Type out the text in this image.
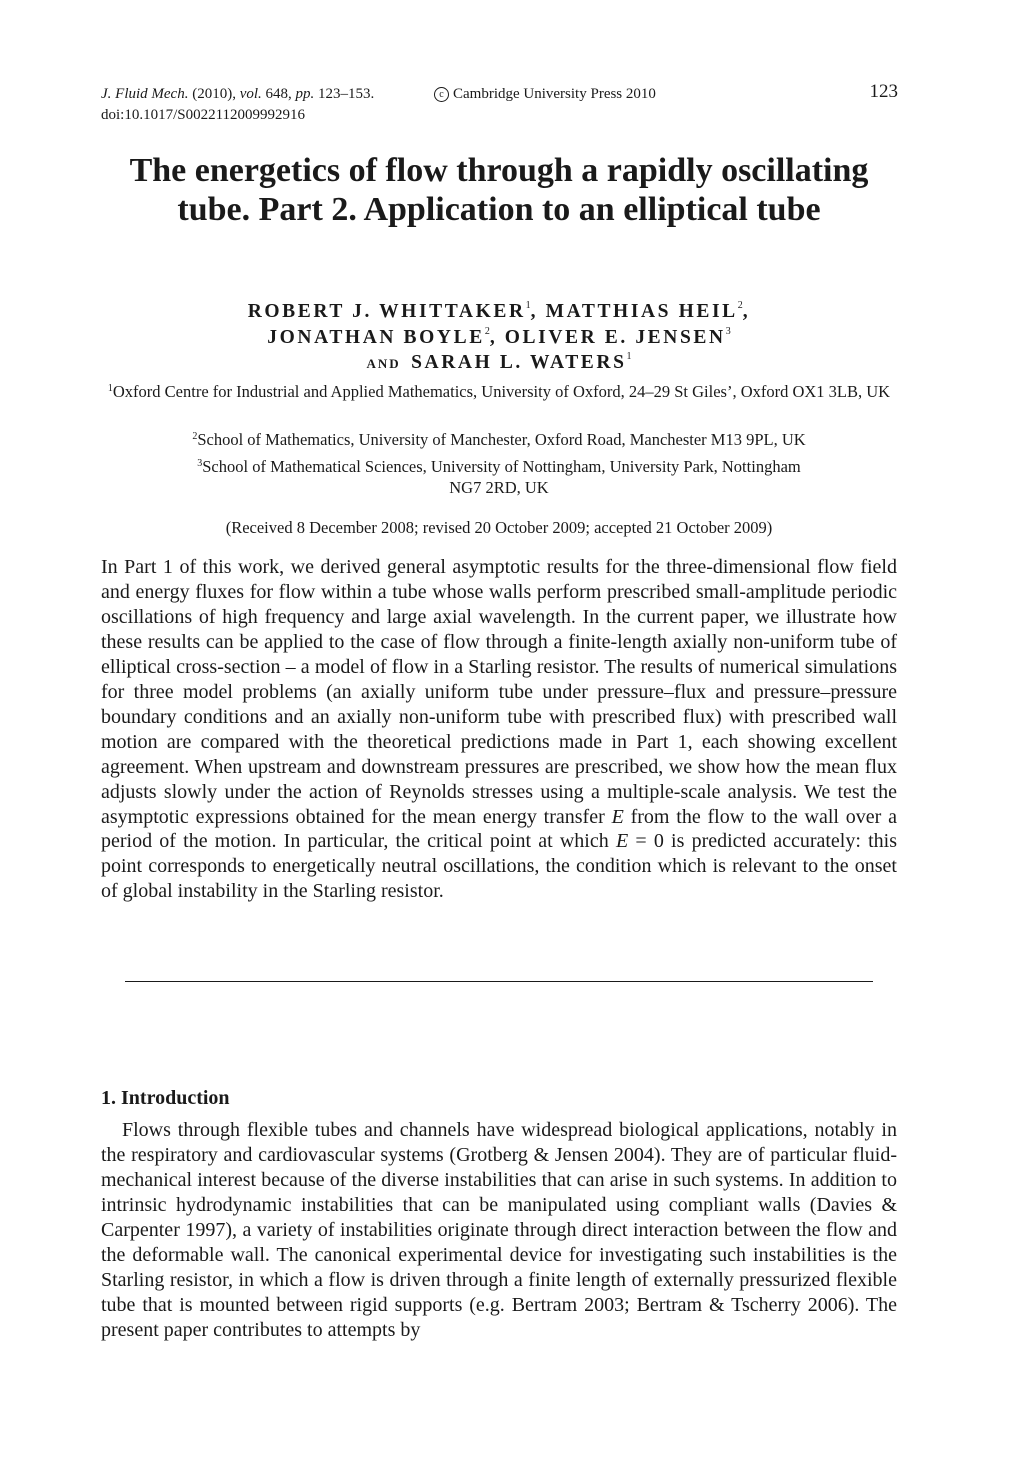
J. Fluid Mech. (2010), vol. 648, pp. 123–153.	c Cambridge University Press 2010
doi:10.1017/S0022112009992916
123
The energetics of flow through a rapidly oscillating tube. Part 2. Application to an elliptical tube
ROBERT J. WHITTAKER$^1$, MATTHIAS HEIL$^2$,
JONATHAN BOYLE$^2$, OLIVER E. JENSEN$^3$
AND SARAH L. WATERS$^1$
$^1$Oxford Centre for Industrial and Applied Mathematics, University of Oxford, 24–29 St Giles’, Oxford OX1 3LB, UK
$^2$School of Mathematics, University of Manchester, Oxford Road, Manchester M13 9PL, UK
$^3$School of Mathematical Sciences, University of Nottingham, University Park, Nottingham NG7 2RD, UK
(Received 8 December 2008; revised 20 October 2009; accepted 21 October 2009)

In Part 1 of this work, we derived general asymptotic results for the three-dimensional flow field and energy fluxes for flow within a tube whose walls perform prescribed small-amplitude periodic oscillations of high frequency and large axial wavelength. In the current paper, we illustrate how these results can be applied to the case of flow through a finite-length axially non-uniform tube of elliptical cross-section – a model of flow in a Starling resistor. The results of numerical simulations for three model problems (an axially uniform tube under pressure–flux and pressure–pressure boundary conditions and an axially non-uniform tube with prescribed flux) with prescribed wall motion are compared with the theoretical predictions made in Part 1, each showing excellent agreement. When upstream and downstream pressures are prescribed, we show how the mean flux adjusts slowly under the action of Reynolds stresses using a multiple-scale analysis. We test the asymptotic expressions obtained for the mean energy transfer E from the flow to the wall over a period of the motion. In particular, the critical point at which E = 0 is predicted accurately: this point corresponds to energetically neutral oscillations, the condition which is relevant to the onset of global instability in the Starling resistor.

1. Introduction

Flows through flexible tubes and channels have widespread biological applications, notably in the respiratory and cardiovascular systems (Grotberg & Jensen 2004). They are of particular fluid-mechanical interest because of the diverse instabilities that can arise in such systems. In addition to intrinsic hydrodynamic instabilities that can be manipulated using compliant walls (Davies & Carpenter 1997), a variety of instabilities originate through direct interaction between the flow and the deformable wall. The canonical experimental device for investigating such instabilities is the Starling resistor, in which a flow is driven through a finite length of externally pressurized flexible tube that is mounted between rigid supports (e.g. Bertram 2003; Bertram & Tscherry 2006). The present paper contributes to attempts by
